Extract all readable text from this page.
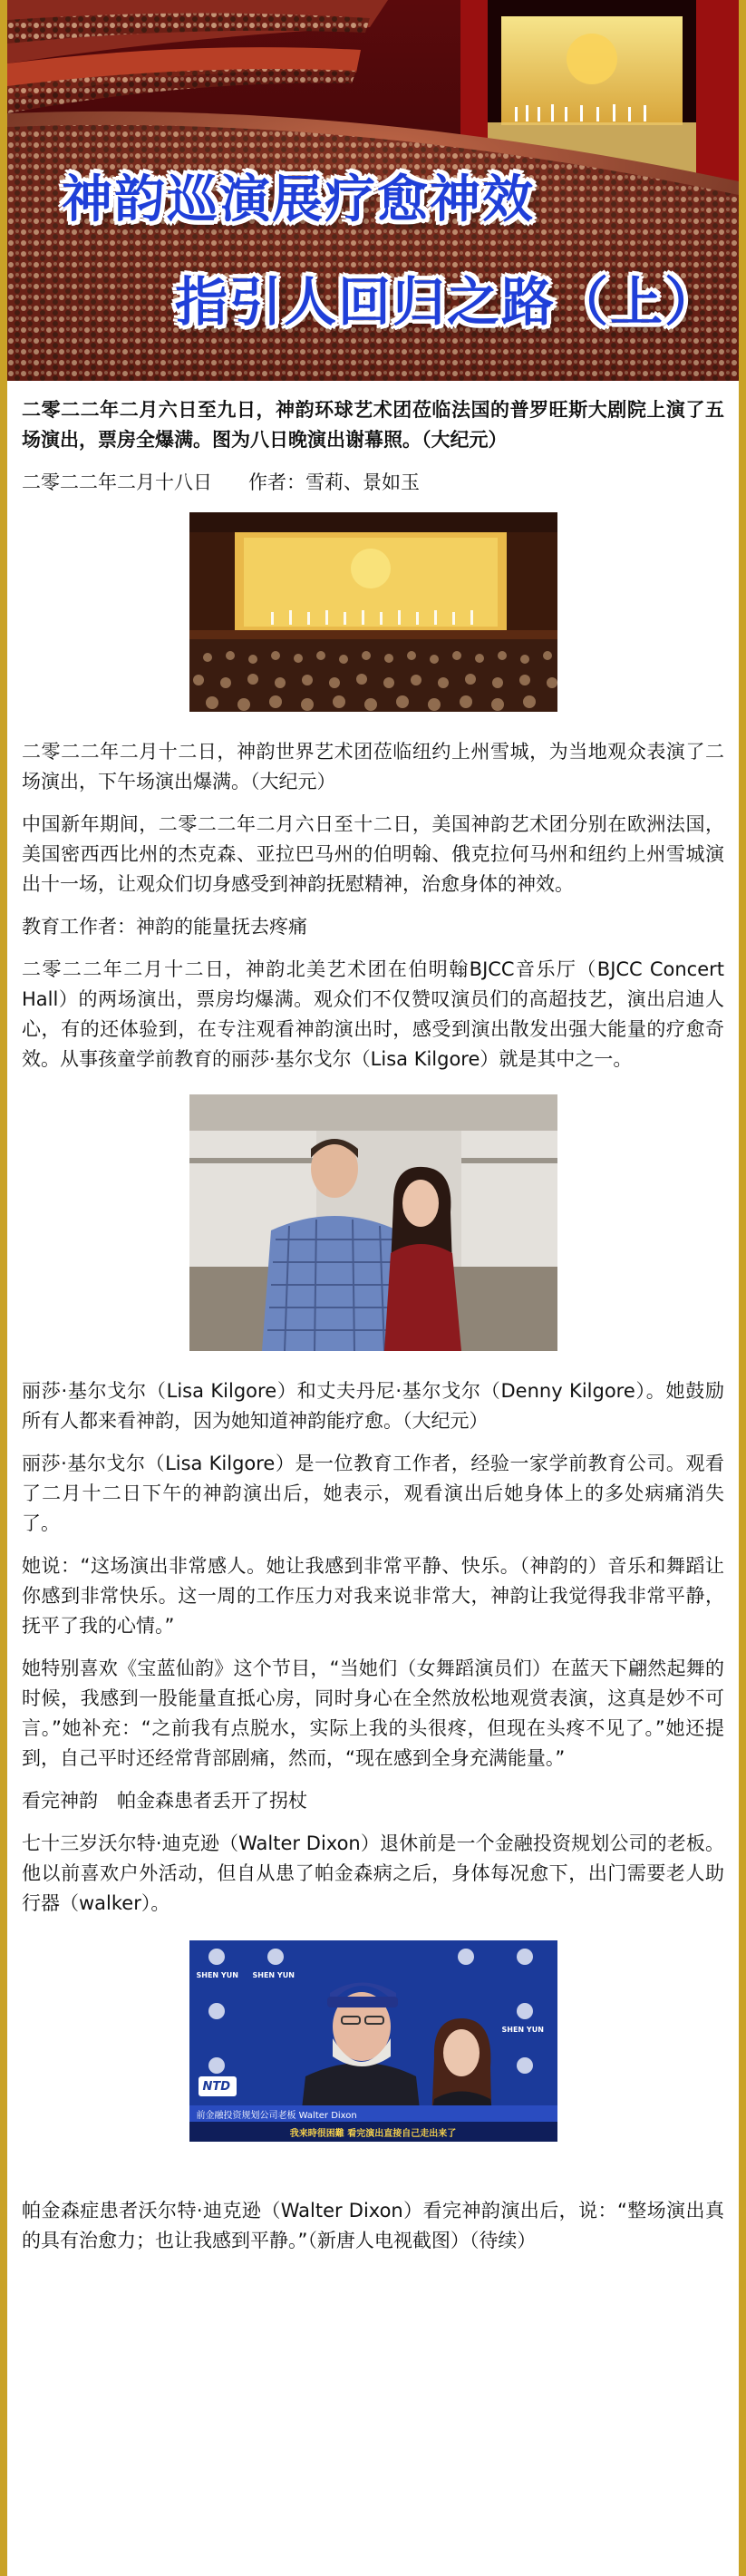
神韵巡演展疗愈神效
指引人回归之路（上）

二零二二年二月六日至九日，神韵环球艺术团莅临法国的普罗旺斯大剧院上演了五场演出，票房全爆满。图为八日晚演出谢幕照。（大纪元）

二零二二年二月十八日 作者：雪莉、景如玉

二零二二年二月十二日，神韵世界艺术团莅临纽约上州雪城，为当地观众表演了二场演出，下午场演出爆满。（大纪元）

中国新年期间，二零二二年二月六日至十二日，美国神韵艺术团分别在欧洲法国，美国密西西比州的杰克森、亚拉巴马州的伯明翰、俄克拉何马州和纽约上州雪城演出十一场，让观众们切身感受到神韵抚慰精神，治愈身体的神效。

教育工作者：神韵的能量抚去疼痛

二零二二年二月十二日，神韵北美艺术团在伯明翰BJCC音乐厅（BJCC Concert Hall）的两场演出，票房均爆满。观众们不仅赞叹演员们的高超技艺，演出启迪人心，有的还体验到，在专注观看神韵演出时，感受到演出散发出强大能量的疗愈奇效。从事孩童学前教育的丽莎·基尔戈尔（Lisa Kilgore）就是其中之一。

丽莎·基尔戈尔（Lisa Kilgore）和丈夫丹尼·基尔戈尔（Denny Kilgore）。她鼓励所有人都来看神韵，因为她知道神韵能疗愈。（大纪元）

丽莎·基尔戈尔（Lisa Kilgore）是一位教育工作者，经验一家学前教育公司。观看了二月十二日下午的神韵演出后，她表示，观看演出后她身体上的多处病痛消失了。

她说：“这场演出非常感人。她让我感到非常平静、快乐。（神韵的）音乐和舞蹈让你感到非常快乐。这一周的工作压力对我来说非常大，神韵让我觉得我非常平静，抚平了我的心情。”

她特别喜欢《宝蓝仙韵》这个节目，“当她们（女舞蹈演员们）在蓝天下翩然起舞的时候，我感到一股能量直抵心房，同时身心在全然放松地观赏表演，这真是妙不可言。”她补充：“之前我有点脱水，实际上我的头很疼，但现在头疼不见了。”她还提到，自己平时还经常背部剧痛，然而，“现在感到全身充满能量。”

看完神韵　帕金森患者丢开了拐杖

七十三岁沃尔特·迪克逊（Walter Dixon）退休前是一个金融投资规划公司的老板。他以前喜欢户外活动，但自从患了帕金森病之后，身体每况愈下，出门需要老人助行器（walker）。

SHEN YUN SHEN YUN
SHEN YUN
NTD
前金融投资规划公司老板 Walter Dixon
我来時很困難 看完演出直接自己走出来了

帕金森症患者沃尔特·迪克逊（Walter Dixon）看完神韵演出后，说：“整场演出真的具有治愈力；也让我感到平静。”（新唐人电视截图）（待续）
